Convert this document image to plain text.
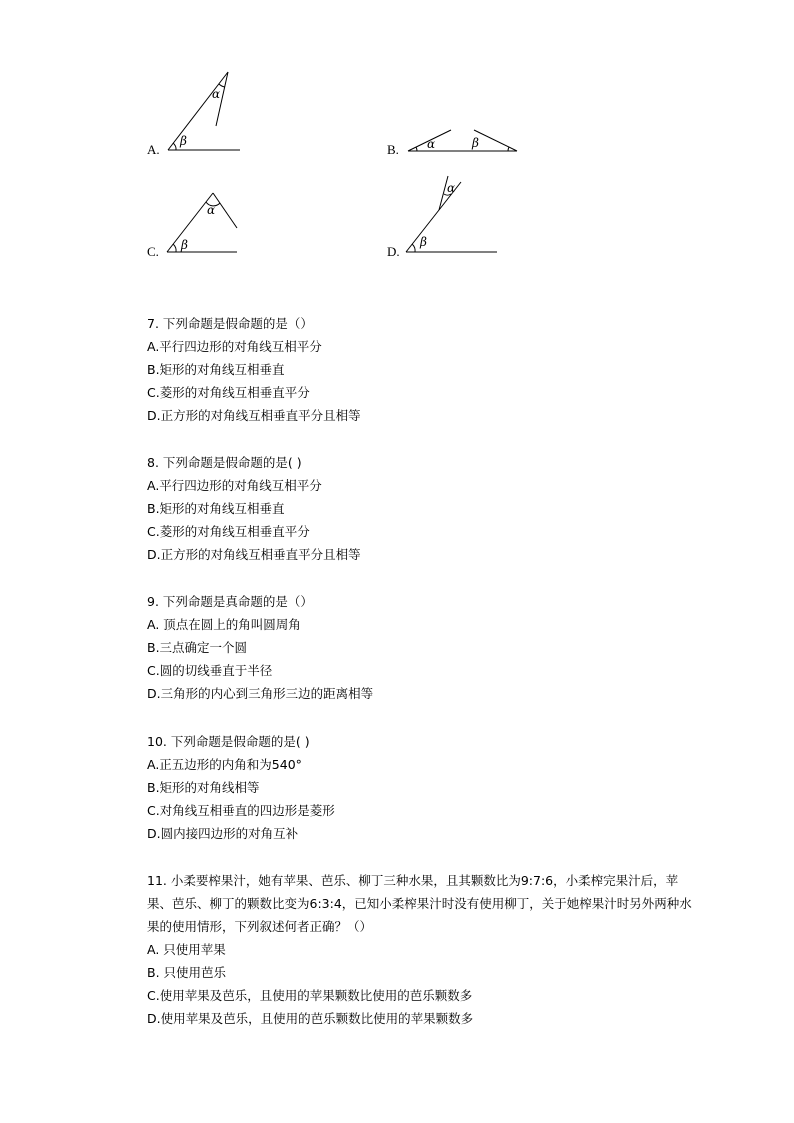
β
α
A.	α	β
B.
β
α
C.
β
α
D.
7. 下列命题是假命题的是（）
A.平行四边形的对角线互相平分
B.矩形的对角线互相垂直
C.菱形的对角线互相垂直平分
D.正方形的对角线互相垂直平分且相等
8. 下列命题是假命题的是( )
A.平行四边形的对角线互相平分
B.矩形的对角线互相垂直
C.菱形的对角线互相垂直平分
D.正方形的对角线互相垂直平分且相等
9. 下列命题是真命题的是（）
A. 顶点在圆上的角叫圆周角
B.三点确定一个圆
C.圆的切线垂直于半径
D.三角形的内心到三角形三边的距离相等
10. 下列命题是假命题的是( )
A.正五边形的内角和为540°
B.矩形的对角线相等
C.对角线互相垂直的四边形是菱形
D.圆内接四边形的对角互补
11. 小柔要榨果汁，她有苹果、芭乐、柳丁三种水果，且其颗数比为9:7:6，小柔榨完果汁后，苹果、芭乐、柳丁的颗数比变为6:3:4，已知小柔榨果汁时没有使用柳丁，关于她榨果汁时另外两种水果的使用情形，下列叙述何者正确？（）
A. 只使用苹果
B. 只使用芭乐
C.使用苹果及芭乐，且使用的苹果颗数比使用的芭乐颗数多
D.使用苹果及芭乐，且使用的芭乐颗数比使用的苹果颗数多
